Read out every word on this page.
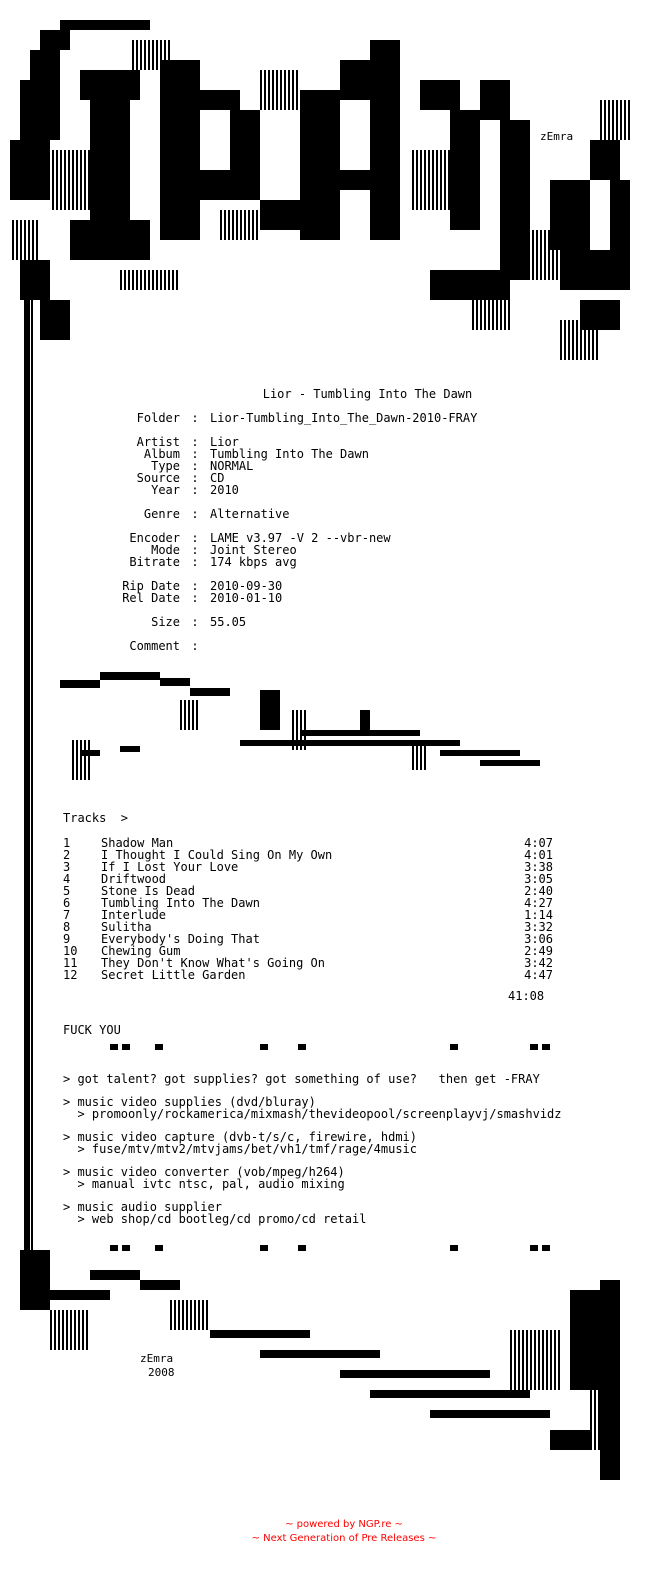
zEmra
zEmra
2008
Lior - Tumbling Into The Dawn
Folder : Lior-Tumbling_Into_The_Dawn-2010-FRAY
Artist : Lior
Album : Tumbling Into The Dawn
Type : NORMAL
Source : CD
Year : 2010
Genre : Alternative
Encoder : LAME v3.97 -V 2 --vbr-new
Mode : Joint Stereo
Bitrate : 174 kbps avg
Rip Date : 2010-09-30
Rel Date : 2010-01-10
Size : 55.05
Comment :
Tracks  >
1	Shadow Man	4:07
2	I Thought I Could Sing On My Own	4:01
3	If I Lost Your Love	3:38
4	Driftwood	3:05
5	Stone Is Dead	2:40
6	Tumbling Into The Dawn	4:27
7	Interlude	1:14
8	Sulitha	3:32
9	Everybody's Doing That	3:06
10	Chewing Gum	2:49
11	They Don't Know What's Going On	3:42
12	Secret Little Garden	4:47
41:08
FUCK YOU
> got talent? got supplies? got something of use?   then get -FRAY
> music video supplies (dvd/bluray)
> promoonly/rockamerica/mixmash/thevideopool/screenplayvj/smashvidz
> music video capture (dvb-t/s/c, firewire, hdmi)
> fuse/mtv/mtv2/mtvjams/bet/vh1/tmf/rage/4music
> music video converter (vob/mpeg/h264)
> manual ivtc ntsc, pal, audio mixing
> music audio supplier
> web shop/cd bootleg/cd promo/cd retail
~ powered by NGP.re ~
~ Next Generation of Pre Releases ~
